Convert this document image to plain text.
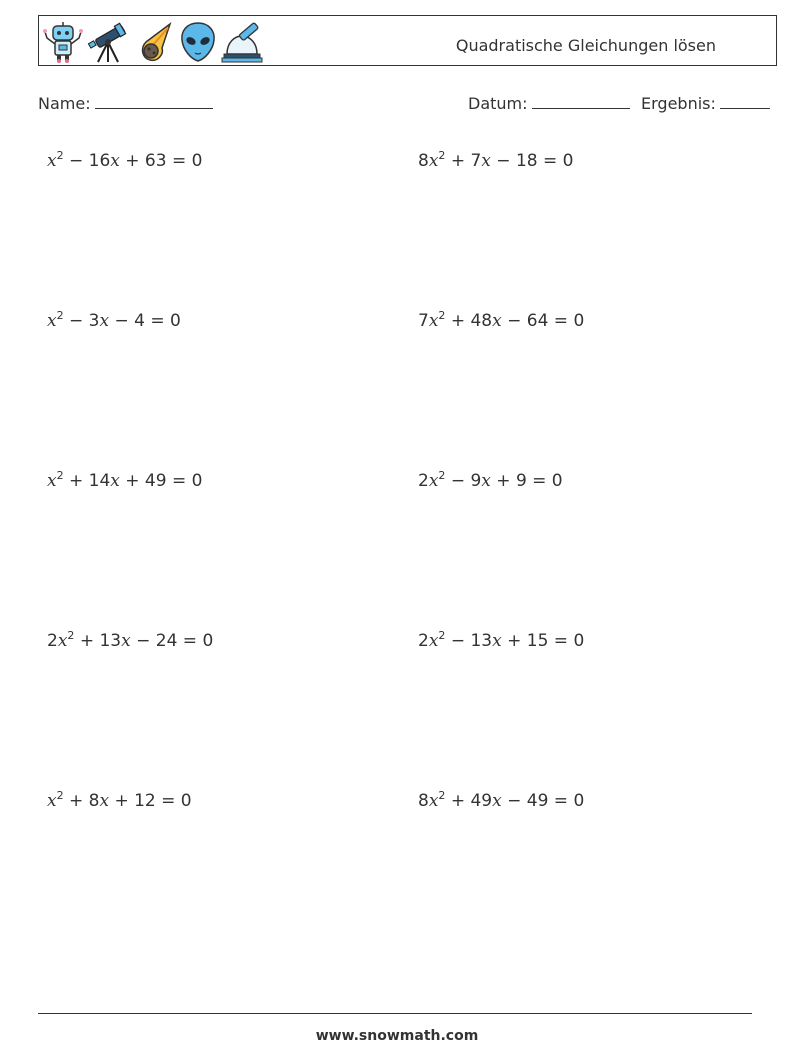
Quadratische Gleichungen lösen
Name:	Datum:	Ergebnis:
$x^2 - 16x + 63 = 0$	$8x^2 + 7x - 18 = 0$
$x^2 - 3x - 4 = 0$	$7x^2 + 48x - 64 = 0$
$x^2 + 14x + 49 = 0$	$2x^2 - 9x + 9 = 0$
$2x^2 + 13x - 24 = 0$	$2x^2 - 13x + 15 = 0$
$x^2 + 8x + 12 = 0$	$8x^2 + 49x - 49 = 0$
www.snowmath.com
